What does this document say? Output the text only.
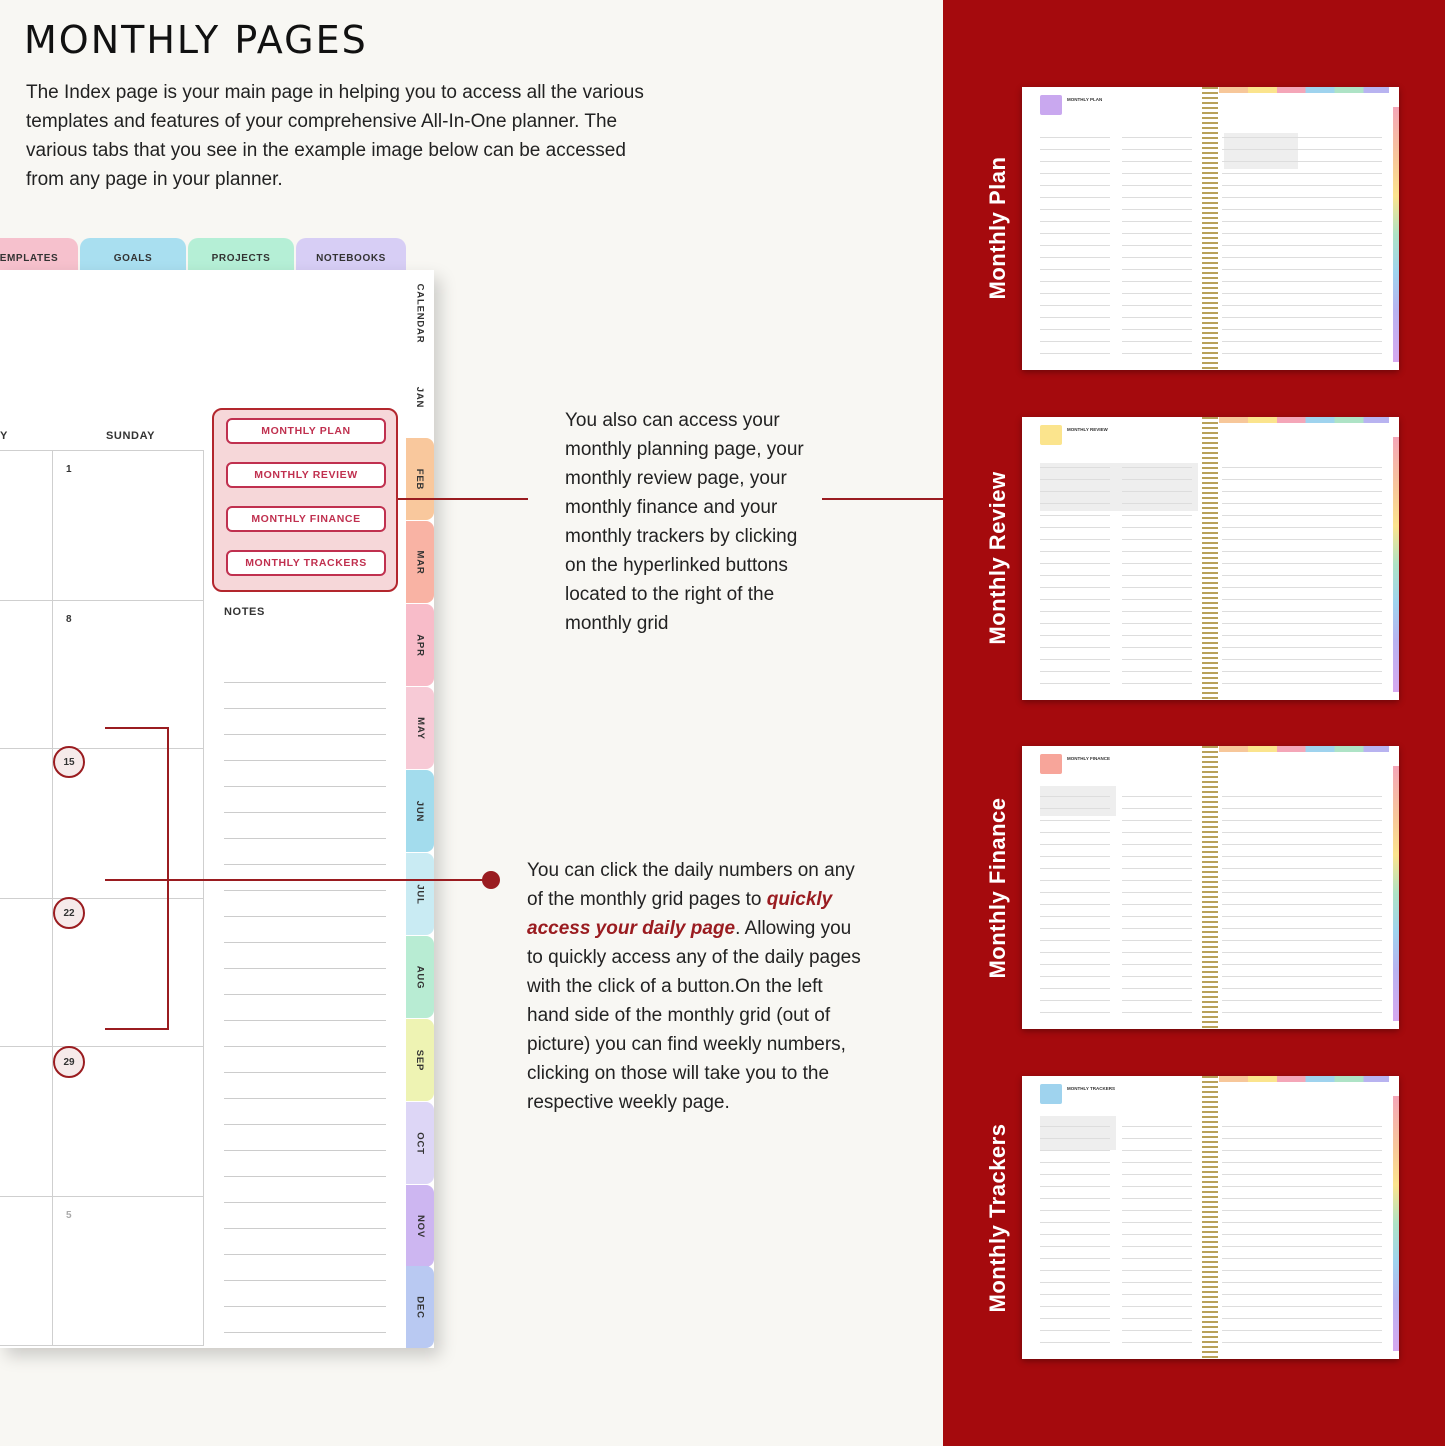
MONTHLY PAGES
The Index page is your main page in helping you to access all the various
templates and features of your comprehensive All-In-One planner. The
various tabs that you see in the example image below can be accessed
from any page in your planner.
EMPLATES	GOALS	PROJECTS	NOTEBOOKS
Y	SUNDAY
1
8
15
22
29
5
MONTHLY PLAN
MONTHLY REVIEW
MONTHLY FINANCE
MONTHLY TRACKERS
NOTES
CALENDAR
JAN
FEB
MAR
APR
MAY
JUN
JUL
AUG
SEP
OCT
NOV
DEC
You also can access your
monthly planning page, your
monthly review page, your
monthly finance and your
monthly trackers by clicking
on the hyperlinked buttons
located to the right of the
monthly grid
You can click the daily numbers on any
of the monthly grid pages to quickly
access your daily page. Allowing you
to quickly access any of the daily pages
with the click of a button.On the left
hand side of the monthly grid (out of
picture) you can find weekly numbers,
clicking on those will take you to the
respective weekly page.
Monthly Plan
Monthly Review
Monthly Finance
Monthly Trackers
MONTHLY PLAN
MONTHLY REVIEW
MONTHLY FINANCE
MONTHLY TRACKERS
